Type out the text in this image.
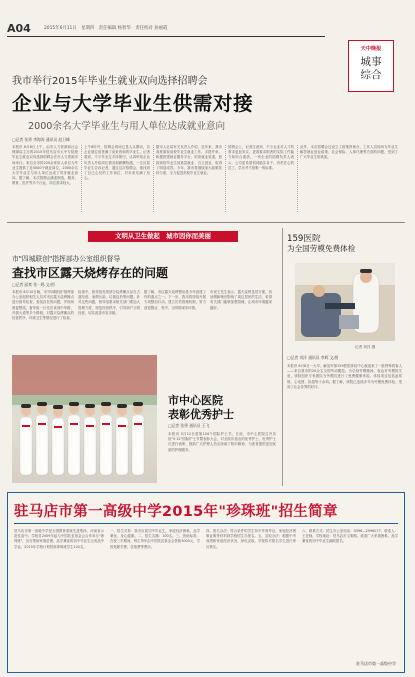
A04	2015年6月11日　星期四　责任编辑 杨智华　责任校对 孙丽霞
天中晚报
城事
综合
我市举行2015年毕业生就业双向选择招聘会
企业与大学毕业生供需对接
2000余名大学毕业生与用人单位达成就业意向
□记者 张勇 李海涛 通讯员 赵卫峰
本报讯 6月8日上午，由市人力资源和社会保障局主办的2015年驻马店市大中专院校毕业生就业双向选择招聘会在市人力资源市场举行。来自全市的200余家用人单位为毕业生提供了近5000个就业岗位，2000余名大学毕业生与用人单位达成了初步就业意向。据了解，本次招聘会涵盖制造、服务、教育、医疗等多个行业，岗位需求较大。
上午8时许，招聘会现场已是人头攒动，各企业展位前挤满了前来咨询的毕业生。记者看到，不少毕业生手持简历，认真听取企业负责人介绍岗位情况和薪酬待遇。一位应届毕业生告诉记者，通过这次招聘会，他找到了自己心仪的工作岗位，对未来充满了信心。
据市人社局有关负责人介绍，近年来，我市高度重视高校毕业生就业工作，多措并举，积极搭建就业服务平台，拓宽就业渠道，鼓励高校毕业生到基层就业、自主创业，取得了明显成效。今年，我市将继续加大政策扶持力度，全力促进高校毕业生就业。
招聘会上，记者注意到，不少企业对人才的需求更加务实，更看重求职者的实际工作能力和综合素质。一家企业的招聘负责人表示，公司更希望招到踏实肯干、有责任心的员工，学历并不是唯一的标准。
此外，本次招聘会还设立了政策咨询台，工作人员现场为毕业生解答就业创业政策、社会保险、人事代理等方面的问题，受到了广大毕业生的欢迎。
文明从卫生做起　城市因你而美丽
市"四城联创"指挥部办公室组织督导
查找市区露天烧烤存在的问题
□记者 邱爽 张一鸣 文/图
本报讯 6月10日晚，市"四城联创"指挥部办公室组织相关人员对市区露天烧烤摊点进行督导检查，查找存在的问题，并现场督促整改。督导组一行先后来到中华路、开源大道等多个路段，对露天烧烤摊点的经营秩序、环境卫生等情况进行了检查。
检查中，督导组发现部分烧烤摊点存在占道经营、油烟污染、垃圾乱扔等问题。针对这些问题，督导组要求相关部门要加大管理力度，规范经营秩序，引导商户文明经营，切实改善市容市貌。
据了解，市区露天烧烤整治是今年创建工作的重点之一。下一步，我市将持续开展专项整治行动，建立长效管理机制，努力营造整洁、有序、文明的城市环境。
市民王先生表示，露天烧烤虽然方便，但油烟和噪音影响了周边居民的生活，希望有关部门能够加强管理，让城市环境越来越好。
市中心医院
表彰优秀护士
□记者 张勇 通讯员 王飞
本报讯 5月12日是第104个国际护士节。日前，市中心医院召开庆祝"5·12"国际护士节暨表彰大会，对全院评选出的优秀护士、优秀护士长进行表彰，鼓励广大护理人员弘扬南丁格尔精神，为患者提供更加优质的护理服务。
159医院
为全国劳模免费体检
记者 刘洋 摄
□记者 刘洋 通讯员 李辉 文/图
本报讯 6月8日一大早，解放军第159医院体检中心就迎来了一批特殊的客人——来自我市的20余名全国劳动模范。为弘扬劳模精神，表达对劳模的关爱，该院组织专家团队为劳模们进行了免费健康体检。体检项目包括血常规、心电图、彩超等十余项。据了解，该院已连续多年为劳模免费体检，受到了社会各界的好评。
驻马店市第一高级中学2015年"珍珠班"招生简章
驻马店市第一高级中学是全国教育系统先进集体、河南省示范性高中。学校自2009年起与中国扶贫基金会合作举办"珍珠班"，旨在帮助家境贫困、品学兼优的初中毕业生完成高中学业。2015年学校计划招收珍珠班学生100名。
一、招生对象：我市应届初中毕业生，家庭经济困难，品学兼优，身心健康。二、招生名额：100名。三、资助标准：在校三年期间，每生每年由中国扶贫基金会资助3000元，学校免除学费、住宿费等费用。
四、报名办法：符合条件的学生持中考准考证、家庭经济困难证明等材料到学校招生办报名。五、录取办法：根据中考成绩和家庭经济状况，择优录取。学校将对报名学生进行家访核实。
六、联系方式：招生办公室电话：0396—2996077，联系人：王老师。学校地址：驻马店市文明路。欢迎广大家境困难、品学兼优的初中毕业生踊跃报名。
驻马店市第一高级中学
